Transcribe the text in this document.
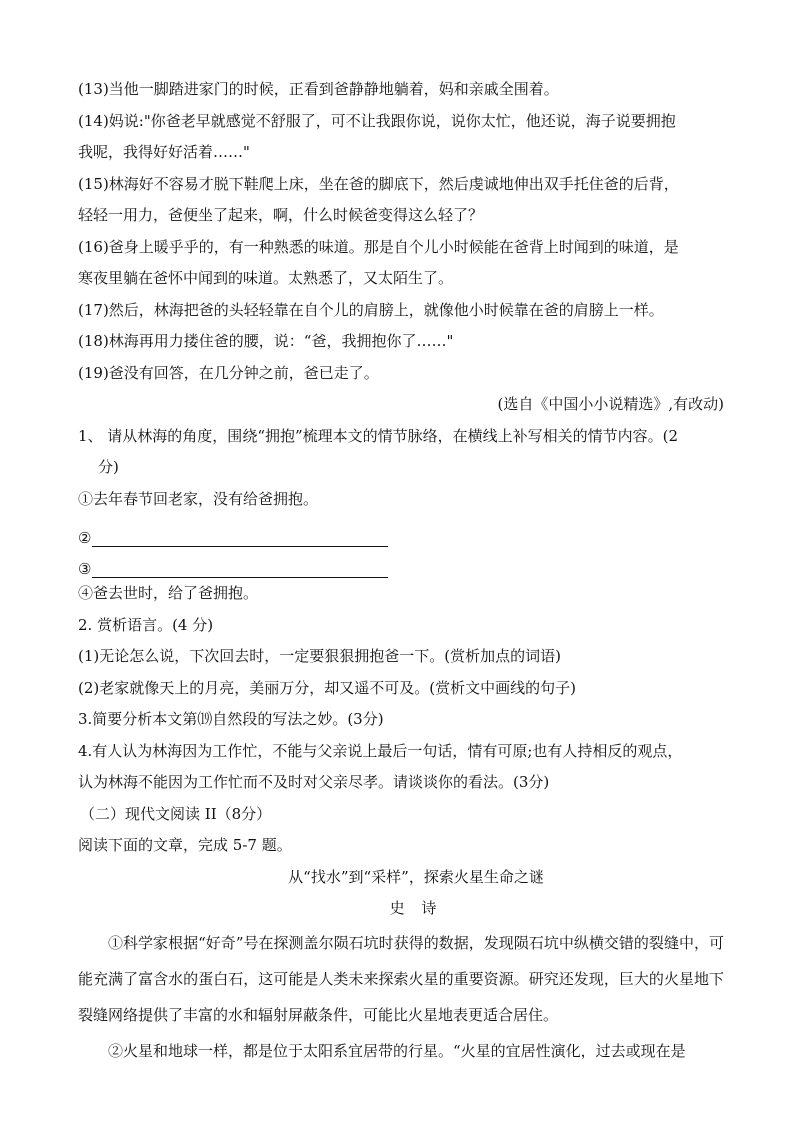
(13)当他一脚踏进家门的时候，正看到爸静静地躺着，妈和亲戚全围着。
(14)妈说:"你爸老早就感觉不舒服了，可不让我跟你说，说你太忙，他还说，海子说要拥抱
我呢，我得好好活着……"
(15)林海好不容易才脱下鞋爬上床，坐在爸的脚底下，然后虔诚地伸出双手托住爸的后背，
轻轻一用力，爸便坐了起来，啊，什么时候爸变得这么轻了？
(16)爸身上暖乎乎的，有一种熟悉的味道。那是自个儿小时候能在爸背上时闻到的味道，是
寒夜里躺在爸怀中闻到的味道。太熟悉了，又太陌生了。
(17)然后，林海把爸的头轻轻靠在自个儿的肩膀上，就像他小时候靠在爸的肩膀上一样。
(18)林海再用力搂住爸的腰，说：“爸，我拥抱你了……"
(19)爸没有回答，在几分钟之前，爸已走了。
(选自《中国小小说精选》,有改动)
1、 请从林海的角度，围绕“拥抱”梳理本文的情节脉络，在横线上补写相关的情节内容。(2
分)
①去年春节回老家，没有给爸拥抱。
②
③
④爸去世时，给了爸拥抱。
2. 赏析语言。(4 分)
(1)无论怎么说，下次回去时，一定要狠狠拥抱爸一下。(赏析加点的词语)
(2)老家就像天上的月亮，美丽万分，却又遥不可及。(赏析文中画线的句子)
3.简要分析本文第⒆自然段的写法之妙。(3分)
4.有人认为林海因为工作忙，不能与父亲说上最后一句话，情有可原;也有人持相反的观点，
认为林海不能因为工作忙而不及时对父亲尽孝。请谈谈你的看法。(3分)
（二）现代文阅读 II（8分）
阅读下面的文章，完成 5-7 题。
从“找水”到“采样”，探索火星生命之谜
史 诗
①科学家根据“好奇”号在探测盖尔陨石坑时获得的数据，发现陨石坑中纵横交错的裂缝中，可能充满了富含水的蛋白石，这可能是人类未来探索火星的重要资源。研究还发现，巨大的火星地下裂缝网络提供了丰富的水和辐射屏蔽条件，可能比火星地表更适合居住。
②火星和地球一样，都是位于太阳系宜居带的行星。“火星的宜居性演化，过去或现在是
